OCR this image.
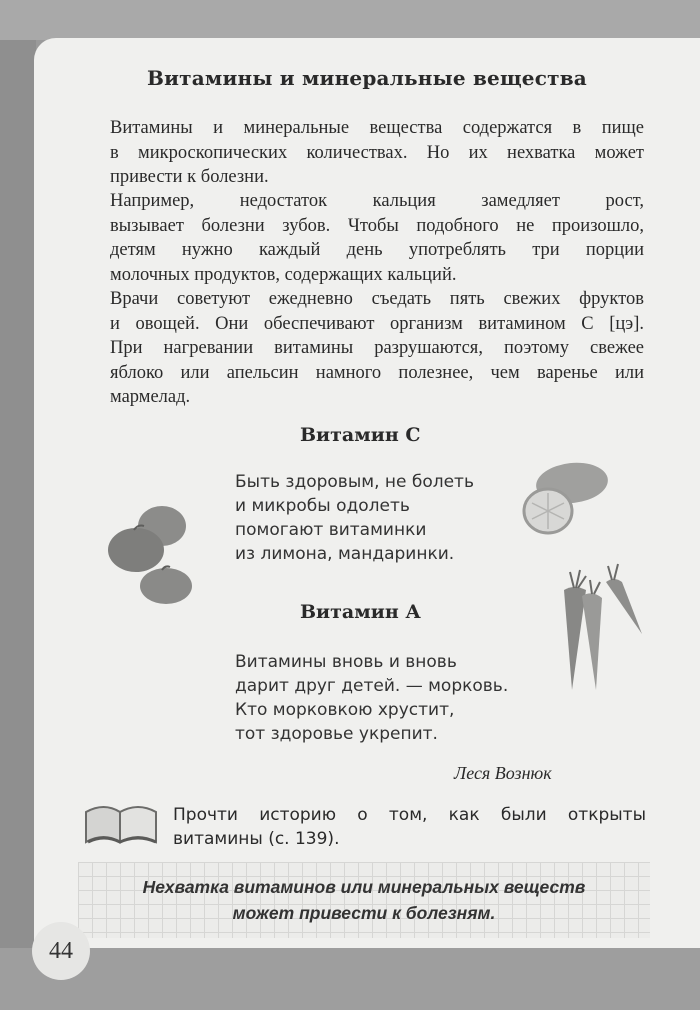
Витамины и минеральные вещества

Витамины и минеральные вещества содержатся в пище
в микроскопических количествах. Но их нехватка может
привести к болезни.

Например, недостаток кальция замедляет рост,
вызывает болезни зубов. Чтобы подобного не произошло,
детям нужно каждый день употреблять три порции
молочных продуктов, содержащих кальций.

Врачи советуют ежедневно съедать пять свежих фруктов
и овощей. Они обеспечивают организм витамином С [цэ].
При нагревании витамины разрушаются, поэтому свежее
яблоко или апельсин намного полезнее, чем варенье или
мармелад.

Витамин С
Быть здоровым, не болеть
и микробы одолеть
помогают витаминки
из лимона, мандаринки.
Витамин А
Витамины вновь и вновь
дарит друг детей. — морковь.
Кто морковкою хрустит,
тот здоровье укрепит.
Леся Вознюк
Прочти историю о том, как были открыты
витамины (с. 139).
Нехватка витаминов или минеральных веществ
может привести к болезням.
44
